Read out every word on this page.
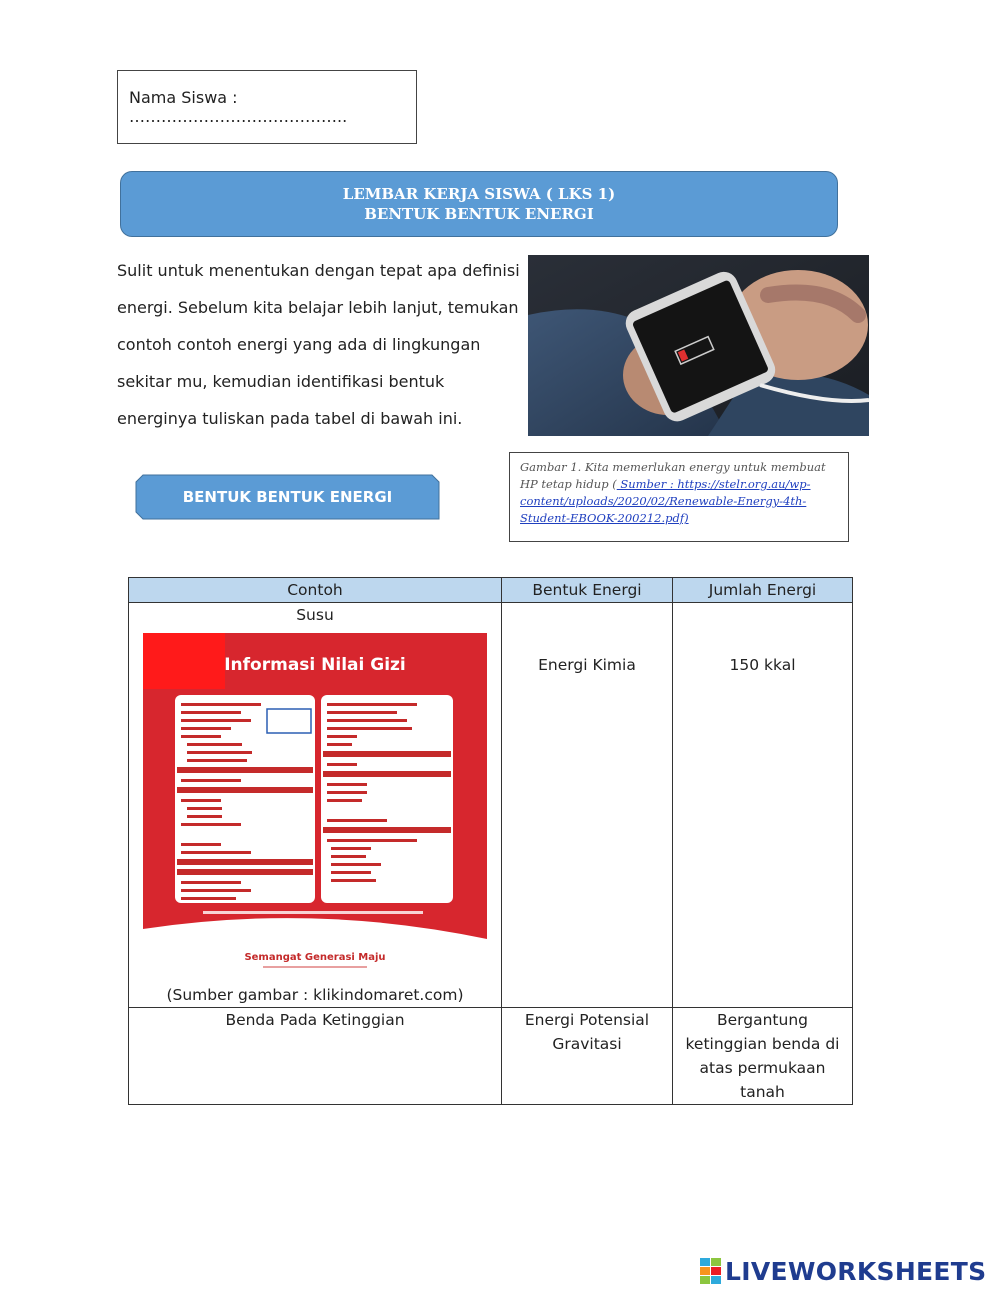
Nama Siswa : …………………………………..
LEMBAR KERJA SISWA ( LKS 1)
BENTUK BENTUK ENERGI
Sulit untuk menentukan dengan tepat apa definisi
energi. Sebelum kita belajar lebih lanjut, temukan
contoh contoh energi yang ada di lingkungan
sekitar mu, kemudian identifikasi bentuk
energinya tuliskan pada tabel di bawah ini.
BENTUK BENTUK ENERGI
Gambar 1. Kita memerlukan energy untuk membuat HP tetap hidup ( Sumber : https://stelr.org.au/wp-content/uploads/2020/02/Renewable-Energy-4th-Student-EBOOK-200212.pdf)
Contoh	Bentuk Energi	Jumlah Energi

Susu
Informasi Nilai Gizi
Semangat Generasi Maju
(Sumber gambar : klikindomaret.com)	Energi Kimia	150 kkal

Benda Pada Ketinggian	Energi Potensial Gravitasi	Bergantung ketinggian benda di atas permukaan tanah
LIVEWORKSHEETS
